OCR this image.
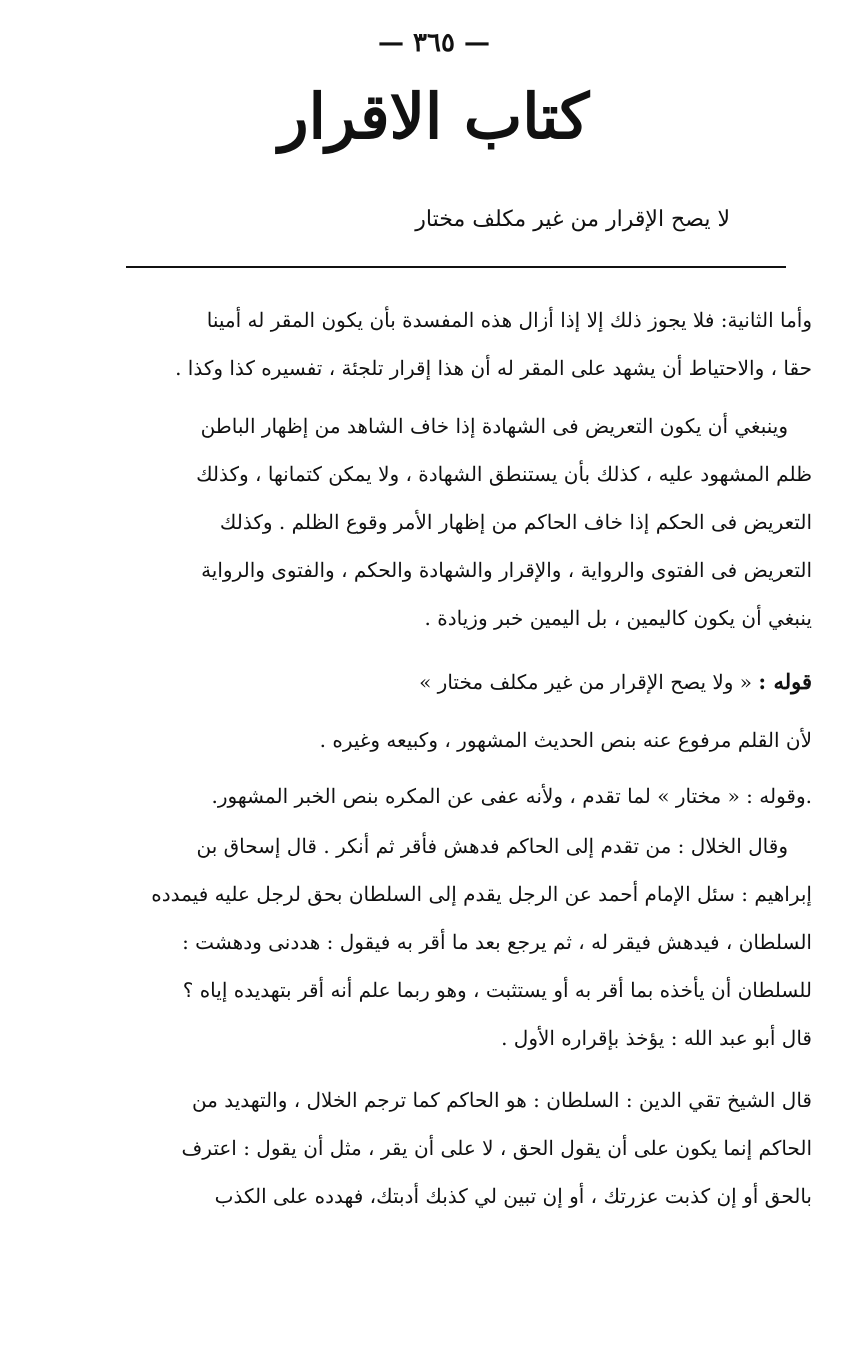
— ٣٦٥ —
كتاب الاقرار
لا يصح الإقرار من غير مكلف مختار
وأما الثانية: فلا يجوز ذلك إلا إذا أزال هذه المفسدة بأن يكون المقر له أمينا
حقا ، والاحتياط أن يشهد على المقر له أن هذا إقرار تلجئة ، تفسيره كذا وكذا .
وينبغي أن يكون التعريض فى الشهادة إذا خاف الشاهد من إظهار الباطن
ظلم المشهود عليه ، كذلك بأن يستنطق الشهادة ، ولا يمكن كتمانها ، وكذلك
التعريض فى الحكم إذا خاف الحاكم من إظهار الأمر وقوع الظلم . وكذلك
التعريض فى الفتوى والرواية ، والإقرار والشهادة والحكم ، والفتوى والرواية
ينبغي أن يكون كاليمين ، بل اليمين خبر وزيادة .
قوله : « ولا يصح الإقرار من غير مكلف مختار »
لأن القلم مرفوع عنه بنص الحديث المشهور ، وكبيعه وغيره .
.وقوله : « مختار » لما تقدم ، ولأنه عفى عن المكره بنص الخبر المشهور.
وقال الخلال : من تقدم إلى الحاكم فدهش فأقر ثم أنكر . قال إسحاق بن
إبراهيم : سئل الإمام أحمد عن الرجل يقدم إلى السلطان بحق لرجل عليه فيمدده
السلطان ، فيدهش فيقر له ، ثم يرجع بعد ما أقر به فيقول : هددنى ودهشت :
للسلطان أن يأخذه بما أقر به أو يستثبت ، وهو ربما علم أنه أقر بتهديده إياه ؟
قال أبو عبد الله : يؤخذ بإقراره الأول .
قال الشيخ تقي الدين : السلطان : هو الحاكم كما ترجم الخلال ، والتهديد من
الحاكم إنما يكون على أن يقول الحق ، لا على أن يقر ، مثل أن يقول : اعترف
بالحق أو إن كذبت عزرتك ، أو إن تبين لي كذبك أدبتك، فهدده على الكذب
